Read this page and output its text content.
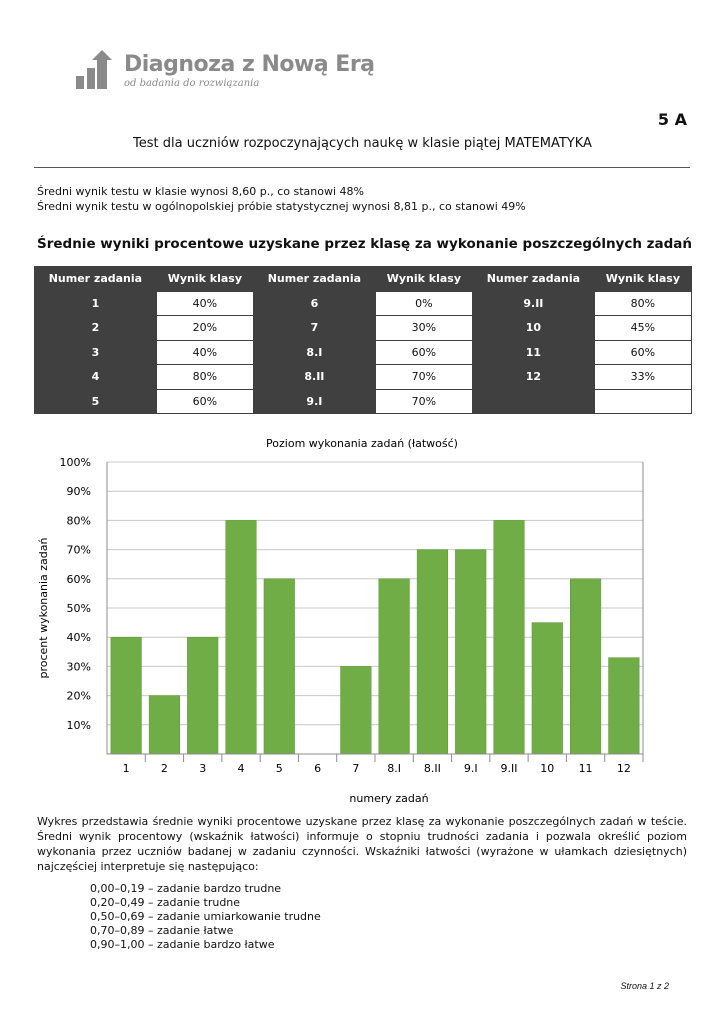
Diagnoza z Nową Erą
od badania do rozwiązania
5 A
Test dla uczniów rozpoczynających naukę w klasie piątej MATEMATYKA
Średni wynik testu w klasie wynosi 8,60 p., co stanowi 48%
Średni wynik testu w ogólnopolskiej próbie statystycznej wynosi 8,81 p., co stanowi 49%
Średnie wyniki procentowe uzyskane przez klasę za wykonanie poszczególnych zadań
Numer zadania	Wynik klasy	Numer zadania	Wynik klasy	Numer zadania	Wynik klasy
1	40%	6	0%	9.II	80%
2	20%	7	30%	10	45%
3	40%	8.I	60%	11	60%
4	80%	8.II	70%	12	33%
5	60%	9.I	70%		
Poziom wykonania zadań (łatwość)
10%
20%
30%
40%
50%
60%
70%
80%
90%
100%
1	2	3	4	5	6	7	8.I 8.II 9.I 9.II 10 11 12
numery zadań
procent wykonania zadań
Wykres przedstawia średnie wyniki procentowe uzyskane przez klasę za wykonanie poszczególnych zadań w teście. Średni wynik procentowy (wskaźnik łatwości) informuje o stopniu trudności zadania i pozwala określić poziom wykonania przez uczniów badanej w zadaniu czynności. Wskaźniki łatwości (wyrażone w ułamkach dziesiętnych) najczęściej interpretuje się następująco:
0,00–0,19 – zadanie bardzo trudne
0,20–0,49 – zadanie trudne
0,50–0,69 – zadanie umiarkowanie trudne
0,70–0,89 – zadanie łatwe
0,90–1,00 – zadanie bardzo łatwe
Strona 1 z 2
